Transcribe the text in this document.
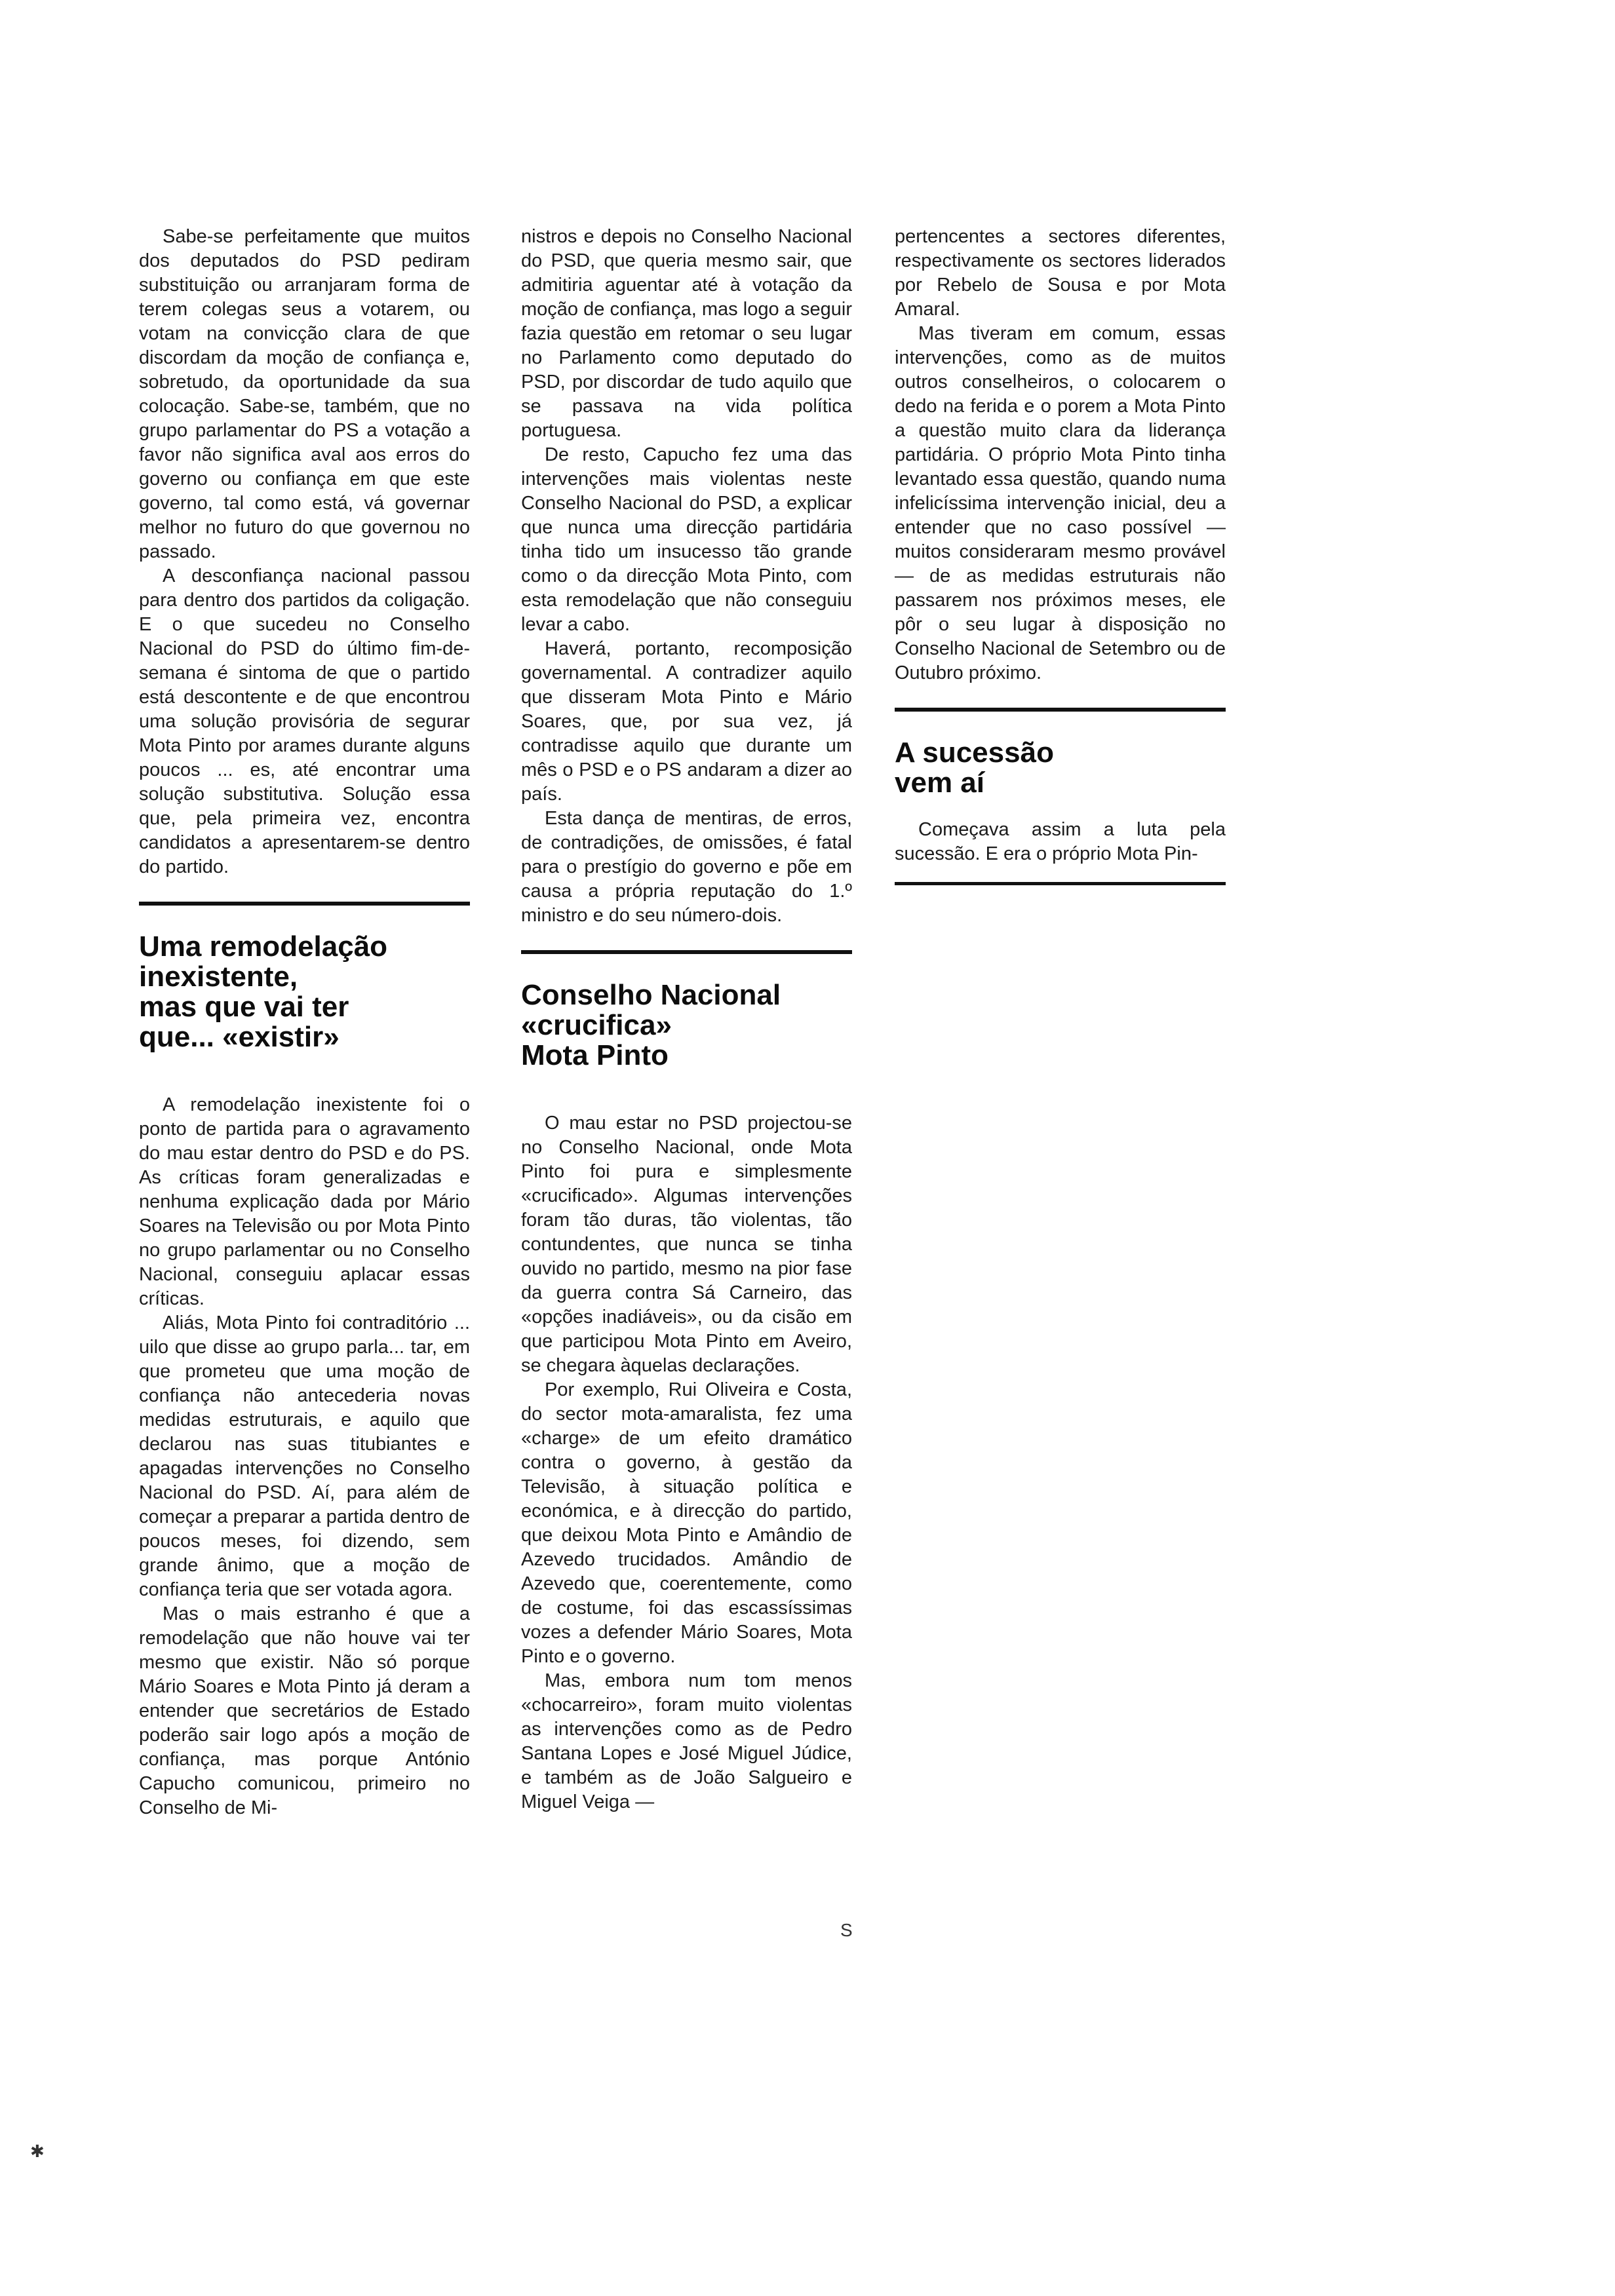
Sabe-se perfeitamente que muitos dos deputados do PSD pediram substituição ou arranjaram forma de terem colegas seus a votarem, ou votam na convicção clara de que discordam da moção de confiança e, sobretudo, da oportunidade da sua colocação. Sabe-se, também, que no grupo parlamentar do PS a votação a favor não significa aval aos erros do governo ou confiança em que este governo, tal como está, vá governar melhor no futuro do que governou no passado.

A desconfiança nacional passou para dentro dos partidos da coligação. E o que sucedeu no Conselho Nacional do PSD do último fim-de-semana é sintoma de que o partido está descontente e de que encontrou uma solução provisória de segurar Mota Pinto por arames durante alguns poucos ... es, até encontrar uma solução substitutiva. Solução essa que, pela primeira vez, encontra candidatos a apresentarem-se dentro do partido.

Uma remodelação
inexistente,
mas que vai ter
que... «existir»

A remodelação inexistente foi o ponto de partida para o agravamento do mau estar dentro do PSD e do PS. As críticas foram generalizadas e nenhuma explicação dada por Mário Soares na Televisão ou por Mota Pinto no grupo parlamentar ou no Conselho Nacional, conseguiu aplacar essas críticas.

Aliás, Mota Pinto foi contraditório ... uilo que disse ao grupo parla... tar, em que prometeu que uma moção de confiança não antecederia novas medidas estruturais, e aquilo que declarou nas suas titubiantes e apagadas intervenções no Conselho Nacional do PSD. Aí, para além de começar a preparar a partida dentro de poucos meses, foi dizendo, sem grande ânimo, que a moção de confiança teria que ser votada agora.

Mas o mais estranho é que a remodelação que não houve vai ter mesmo que existir. Não só porque Mário Soares e Mota Pinto já deram a entender que secretários de Estado poderão sair logo após a moção de confiança, mas porque António Capucho comunicou, primeiro no Conselho de Mi-

nistros e depois no Conselho Nacional do PSD, que queria mesmo sair, que admitiria aguentar até à votação da moção de confiança, mas logo a seguir fazia questão em retomar o seu lugar no Parlamento como deputado do PSD, por discordar de tudo aquilo que se passava na vida política portuguesa.

De resto, Capucho fez uma das intervenções mais violentas neste Conselho Nacional do PSD, a explicar que nunca uma direcção partidária tinha tido um insucesso tão grande como o da direcção Mota Pinto, com esta remodelação que não conseguiu levar a cabo.

Haverá, portanto, recomposição governamental. A contradizer aquilo que disseram Mota Pinto e Mário Soares, que, por sua vez, já contradisse aquilo que durante um mês o PSD e o PS andaram a dizer ao país.

Esta dança de mentiras, de erros, de contradições, de omissões, é fatal para o prestígio do governo e põe em causa a própria reputação do 1.º ministro e do seu número-dois.

Conselho Nacional
«crucifica»
Mota Pinto

O mau estar no PSD projectou-se no Conselho Nacional, onde Mota Pinto foi pura e simplesmente «crucificado». Algumas intervenções foram tão duras, tão violentas, tão contundentes, que nunca se tinha ouvido no partido, mesmo na pior fase da guerra contra Sá Carneiro, das «opções inadiáveis», ou da cisão em que participou Mota Pinto em Aveiro, se chegara àquelas declarações.

Por exemplo, Rui Oliveira e Costa, do sector mota-amaralista, fez uma «charge» de um efeito dramático contra o governo, à gestão da Televisão, à situação política e económica, e à direcção do partido, que deixou Mota Pinto e Amândio de Azevedo trucidados. Amândio de Azevedo que, coerentemente, como de costume, foi das escassíssimas vozes a defender Mário Soares, Mota Pinto e o governo.

Mas, embora num tom menos «chocarreiro», foram muito violentas as intervenções como as de Pedro Santana Lopes e José Miguel Júdice, e também as de João Salgueiro e Miguel Veiga —

pertencentes a sectores diferentes, respectivamente os sectores liderados por Rebelo de Sousa e por Mota Amaral.

Mas tiveram em comum, essas intervenções, como as de muitos outros conselheiros, o colocarem o dedo na ferida e o porem a Mota Pinto a questão muito clara da liderança partidária. O próprio Mota Pinto tinha levantado essa questão, quando numa infelicíssima intervenção inicial, deu a entender que no caso possível — muitos consideraram mesmo provável — de as medidas estruturais não passarem nos próximos meses, ele pôr o seu lugar à disposição no Conselho Nacional de Setembro ou de Outubro próximo.

A sucessão
vem aí

Começava assim a luta pela sucessão. E era o próprio Mota Pin-

S
✱
